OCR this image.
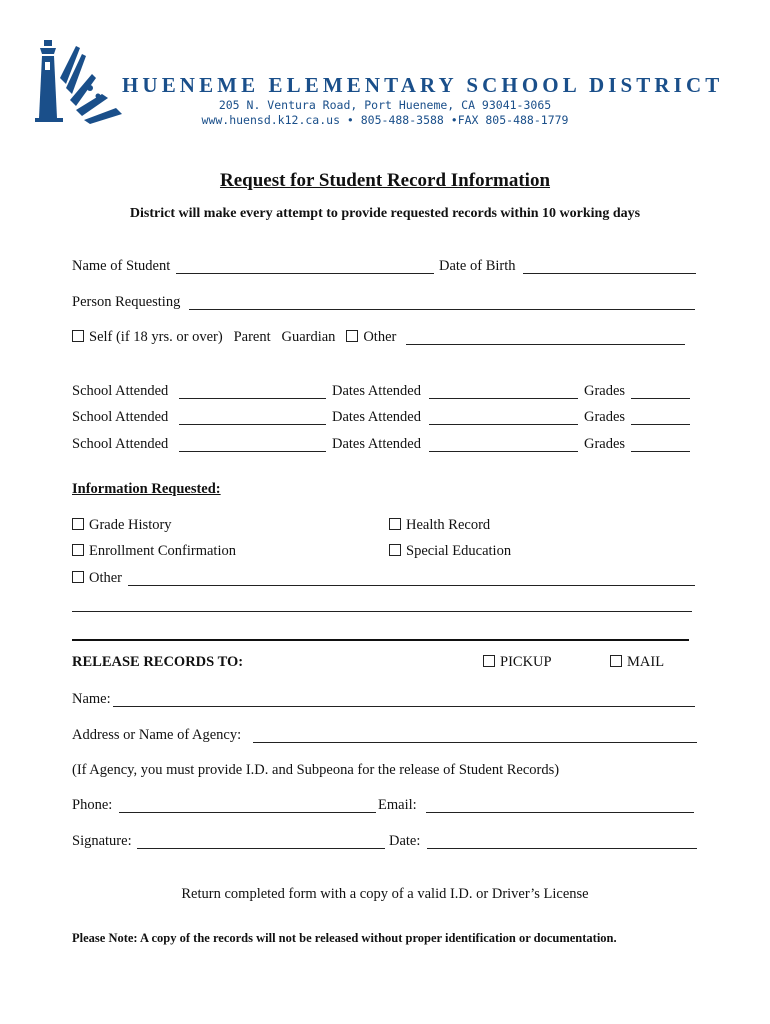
HUENEME ELEMENTARY SCHOOL DISTRICT
205 N. Ventura Road, Port Hueneme, CA 93041-3065
www.huensd.k12.ca.us • 805-488-3588 •FAX 805-488-1779
Request for Student Record Information
District will make every attempt to provide requested records within 10 working days
Name of Student	Date of Birth
Person Requesting
Self (if 18 yrs. or over) Parent Guardian Other
School Attended	Dates Attended	Grades
School Attended	Dates Attended	Grades
School Attended	Dates Attended	Grades
Information Requested:
Grade History	Health Record
Enrollment Confirmation	Special Education
Other
RELEASE RECORDS TO:	PICKUP	MAIL
Name:
Address or Name of Agency:
(If Agency, you must provide I.D. and Subpeona for the release of Student Records)
Phone:	Email:
Signature:	Date:
Return completed form with a copy of a valid I.D. or Driver’s License
Please Note: A copy of the records will not be released without proper identification or documentation.
